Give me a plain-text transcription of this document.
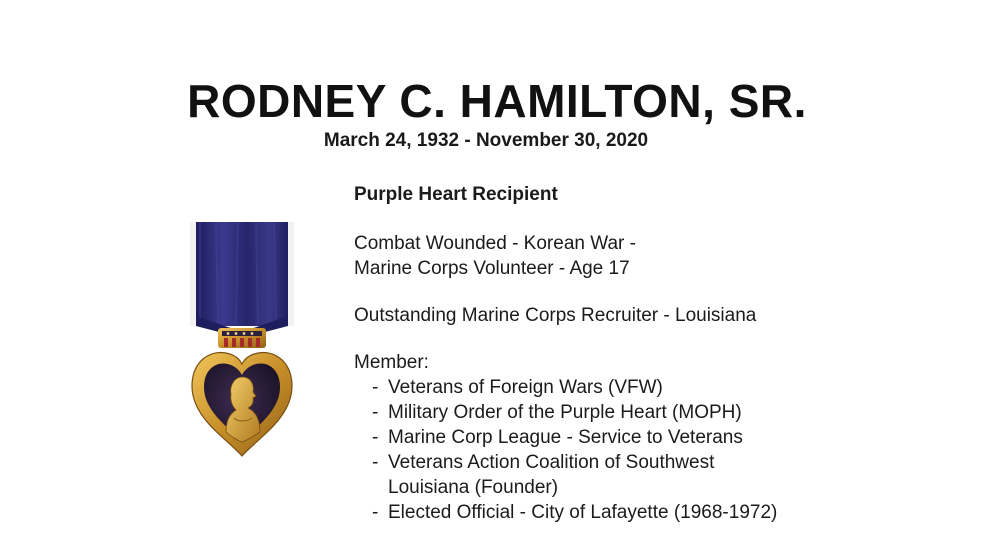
RODNEY C. HAMILTON, SR.
March 24, 1932 - November 30, 2020

Purple Heart Recipient

Combat Wounded - Korean War -
Marine Corps Volunteer - Age 17
Outstanding Marine Corps Recruiter - Louisiana

Member:

- Veterans of Foreign Wars (VFW)
- Military Order of the Purple Heart (MOPH)
- Marine Corp League - Service to Veterans
- Veterans Action Coalition of Southwest Louisiana (Founder)
- Elected Official - City of Lafayette (1968-1972)
